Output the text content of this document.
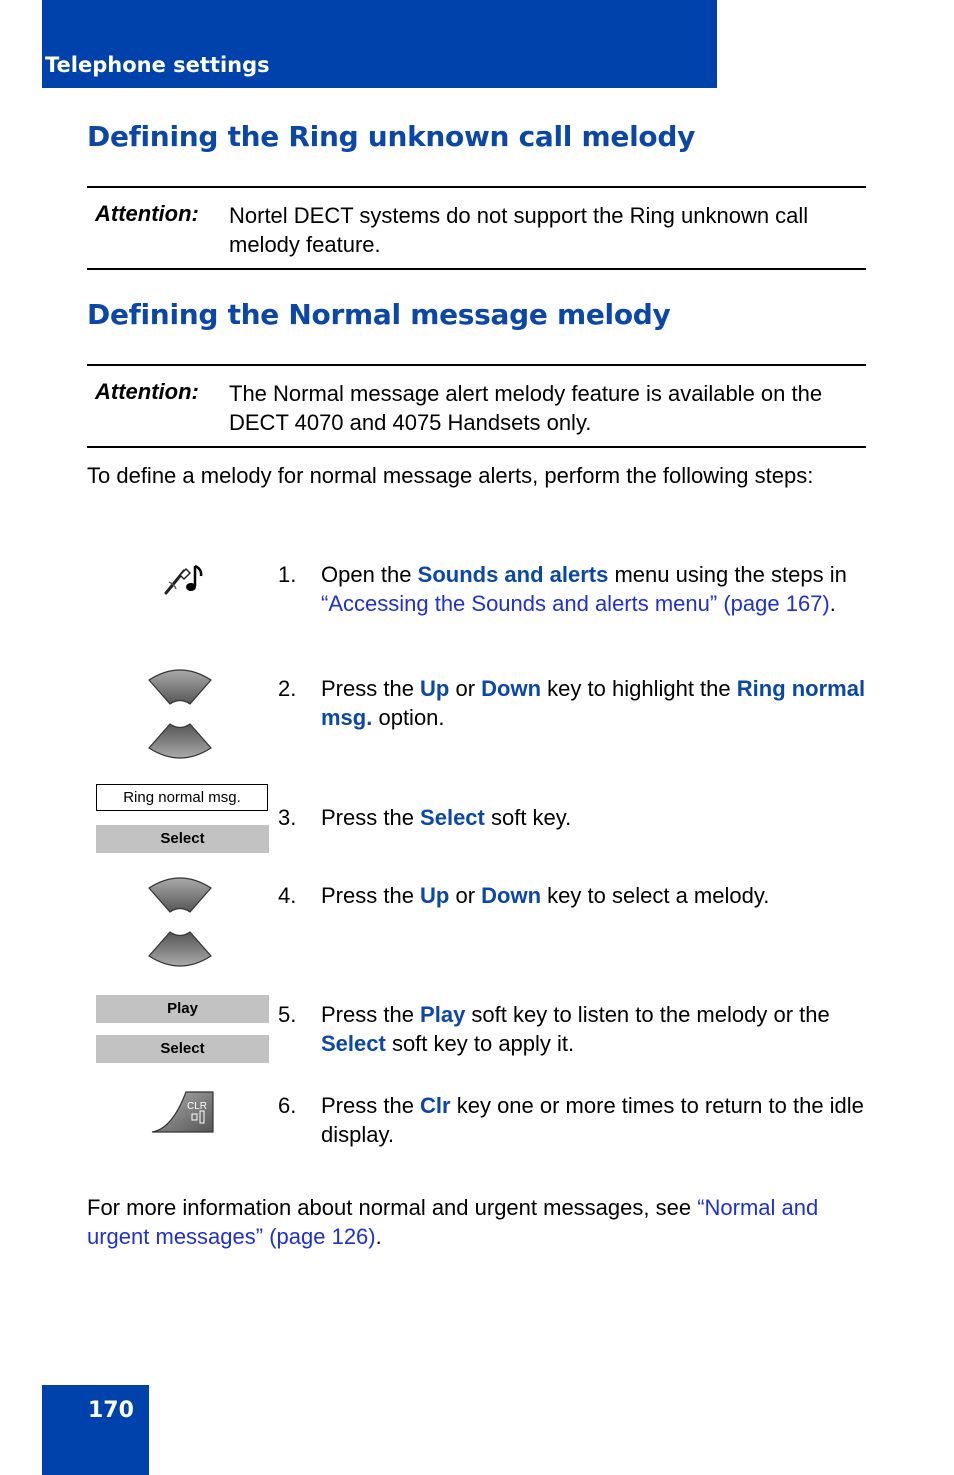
Telephone settings
Defining the Ring unknown call melody
Attention: Nortel DECT systems do not support the Ring unknown call melody feature.
Defining the Normal message melody
Attention: The Normal message alert melody feature is available on the DECT 4070 and 4075 Handsets only.
To define a melody for normal message alerts, perform the following steps:
1. Open the Sounds and alerts menu using the steps in “Accessing the Sounds and alerts menu” (page 167).
2. Press the Up or Down key to highlight the Ring normal msg. option.
Ring normal msg.
Select
3. Press the Select soft key.
4. Press the Up or Down key to select a melody.
Play
Select
5. Press the Play soft key to listen to the melody or the Select soft key to apply it.
CLR	6. Press the Clr key one or more times to return to the idle display.
For more information about normal and urgent messages, see “Normal and urgent messages” (page 126).
170
